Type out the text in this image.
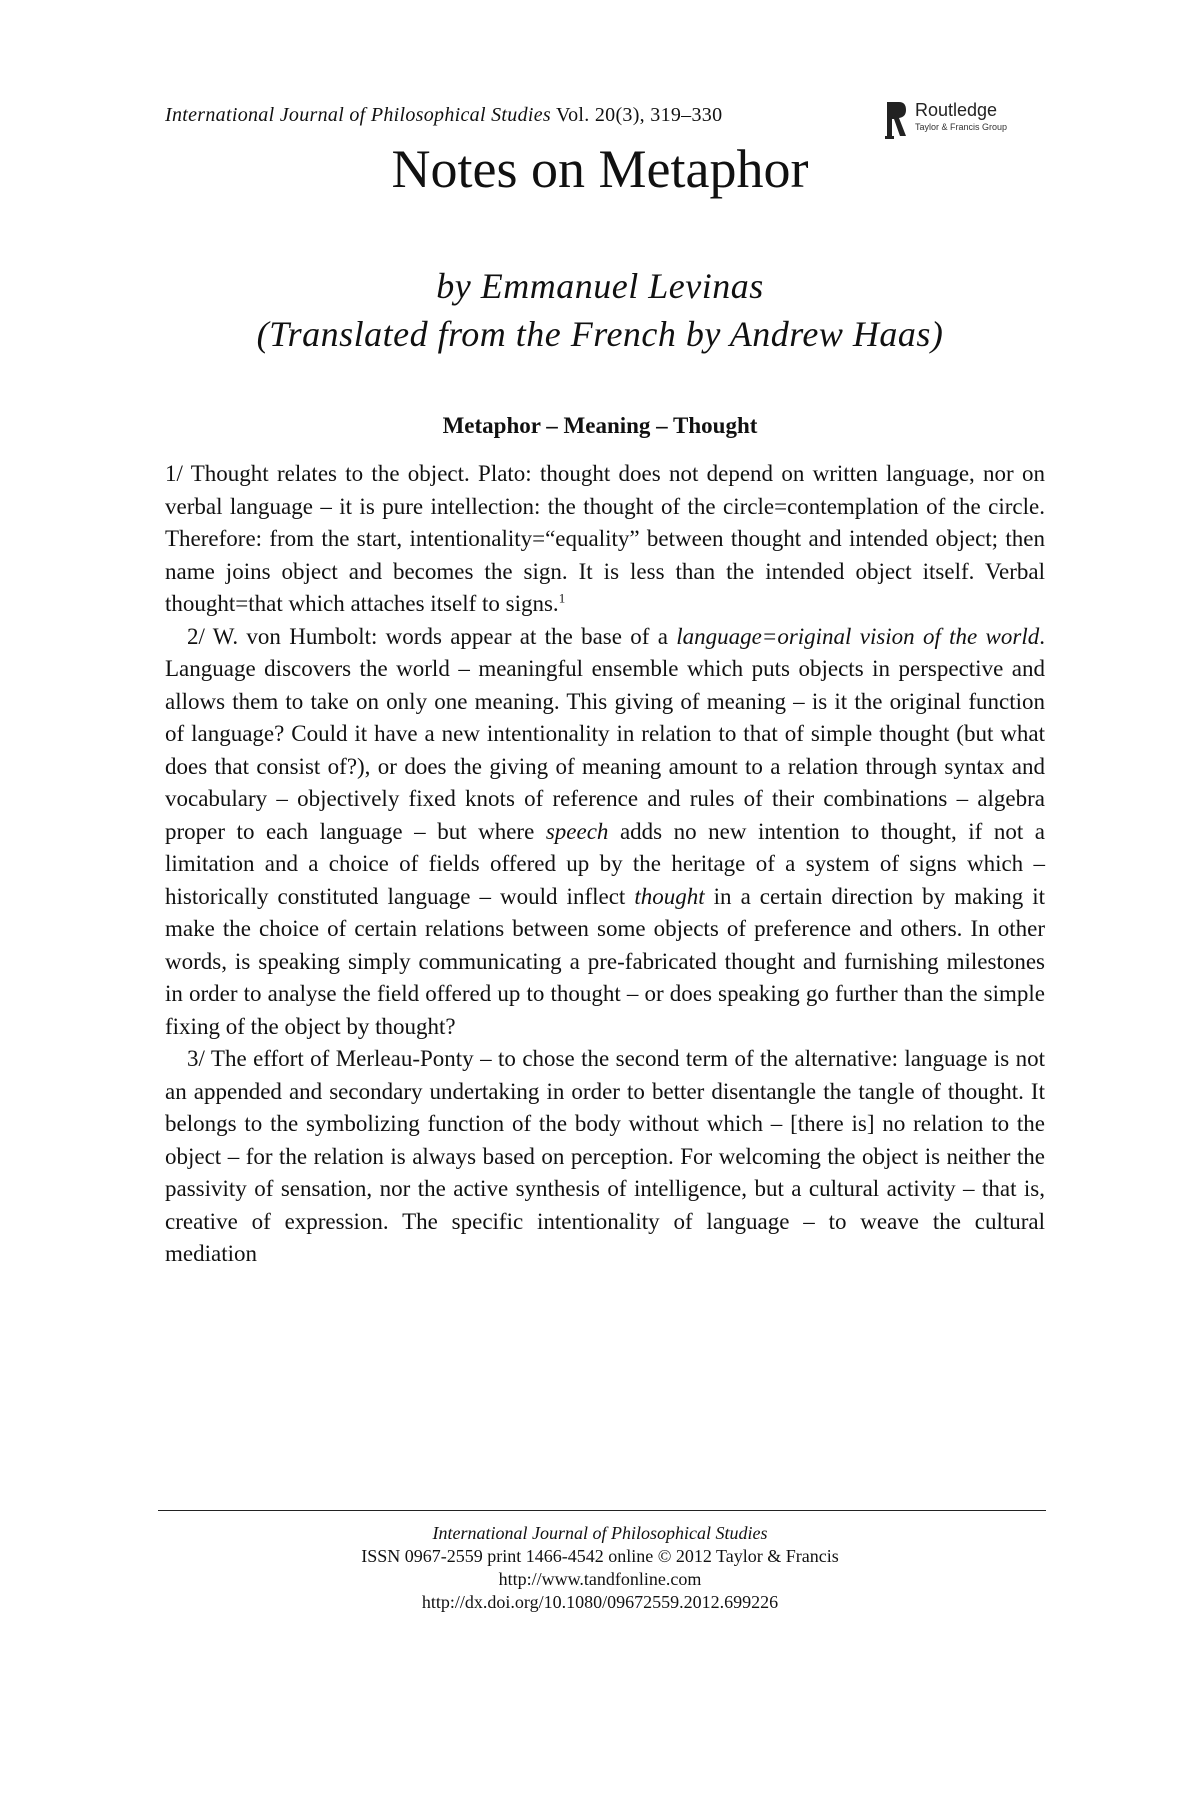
International Journal of Philosophical Studies Vol. 20(3), 319–330	Routledge
Taylor & Francis Group
Notes on Metaphor
by Emmanuel Levinas
(Translated from the French by Andrew Haas)
Metaphor – Meaning – Thought

1/ Thought relates to the object. Plato: thought does not depend on written language, nor on verbal language – it is pure intellection: the thought of the circle=contemplation of the circle. Therefore: from the start, intentionality=“equality” between thought and intended object; then name joins object and becomes the sign. It is less than the intended object itself. Verbal thought=that which attaches itself to signs.$^1$

2/ W. von Humbolt: words appear at the base of a language=original vision of the world. Language discovers the world – meaningful ensemble which puts objects in perspective and allows them to take on only one meaning. This giving of meaning – is it the original function of language? Could it have a new intentionality in relation to that of simple thought (but what does that consist of?), or does the giving of meaning amount to a relation through syntax and vocabulary – objectively fixed knots of reference and rules of their combinations – algebra proper to each language – but where speech adds no new intention to thought, if not a limitation and a choice of fields offered up by the heritage of a system of signs which – historically constituted language – would inflect thought in a certain direction by making it make the choice of certain relations between some objects of preference and others. In other words, is speaking simply communicating a pre-fabricated thought and furnishing milestones in order to analyse the field offered up to thought – or does speaking go further than the simple fixing of the object by thought?

3/ The effort of Merleau-Ponty – to chose the second term of the alternative: language is not an appended and secondary undertaking in order to better disentangle the tangle of thought. It belongs to the symbolizing function of the body without which – [there is] no relation to the object – for the relation is always based on perception. For welcoming the object is neither the passivity of sensation, nor the active synthesis of intelligence, but a cultural activity – that is, creative of expression. The specific intentionality of language – to weave the cultural mediation

International Journal of Philosophical Studies
ISSN 0967-2559 print 1466-4542 online © 2012 Taylor & Francis
http://www.tandfonline.com
http://dx.doi.org/10.1080/09672559.2012.699226
